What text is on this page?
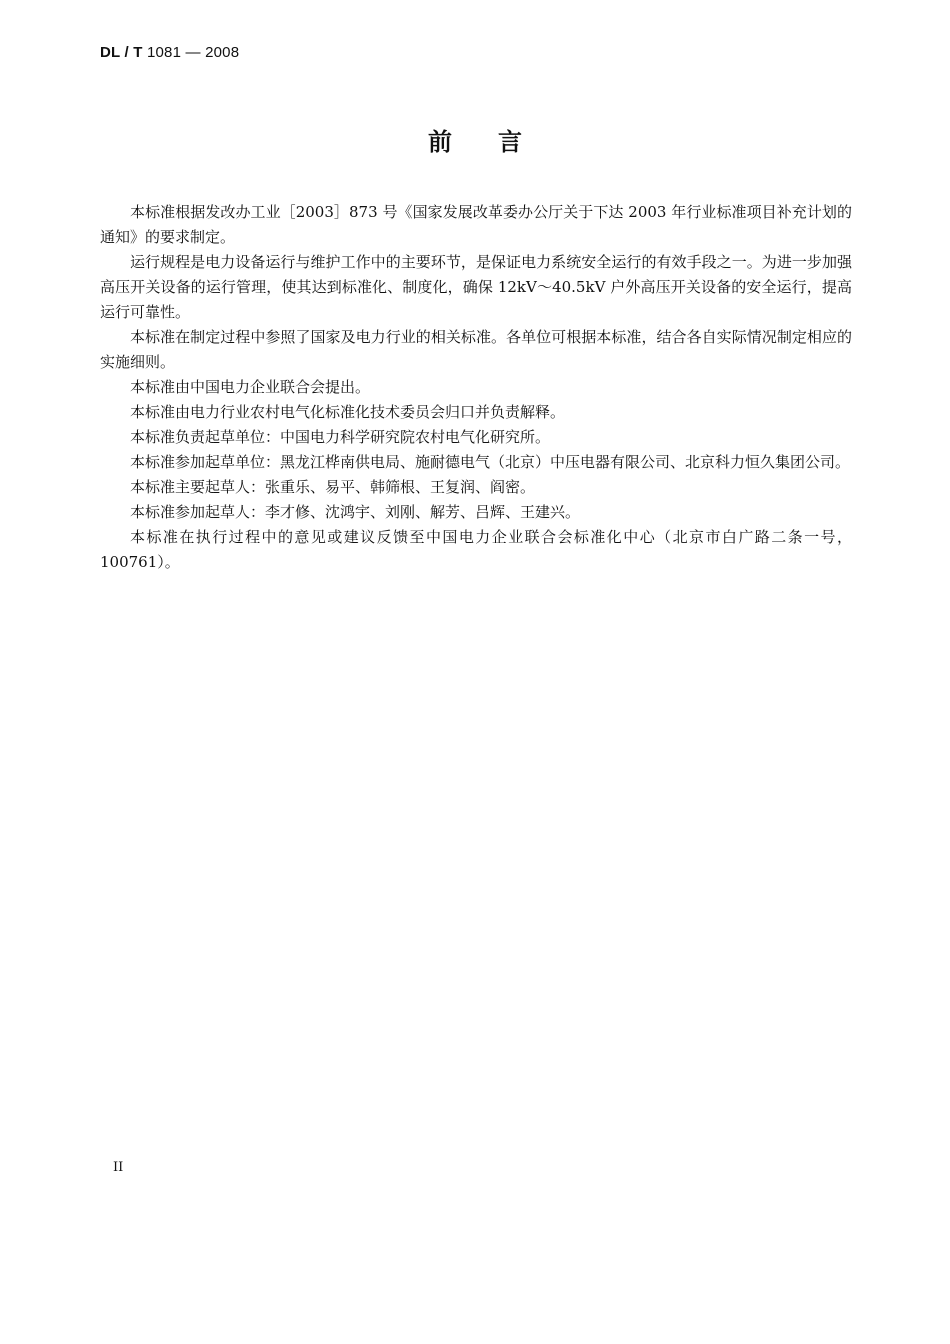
DL / T 1081 — 2008
前言

本标准根据发改办工业［2003］873 号《国家发展改革委办公厅关于下达 2003 年行业标准项目补充计划的通知》的要求制定。

运行规程是电力设备运行与维护工作中的主要环节，是保证电力系统安全运行的有效手段之一。为进一步加强高压开关设备的运行管理，使其达到标准化、制度化，确保 12kV～40.5kV 户外高压开关设备的安全运行，提高运行可靠性。

本标准在制定过程中参照了国家及电力行业的相关标准。各单位可根据本标准，结合各自实际情况制定相应的实施细则。

本标准由中国电力企业联合会提出。

本标准由电力行业农村电气化标准化技术委员会归口并负责解释。

本标准负责起草单位：中国电力科学研究院农村电气化研究所。

本标准参加起草单位：黑龙江桦南供电局、施耐德电气（北京）中压电器有限公司、北京科力恒久集团公司。

本标准主要起草人：张重乐、易平、韩筛根、王复润、阎密。

本标准参加起草人：李才修、沈鸿宇、刘刚、解芳、吕辉、王建兴。

本标准在执行过程中的意见或建议反馈至中国电力企业联合会标准化中心（北京市白广路二条一号，100761）。

II
